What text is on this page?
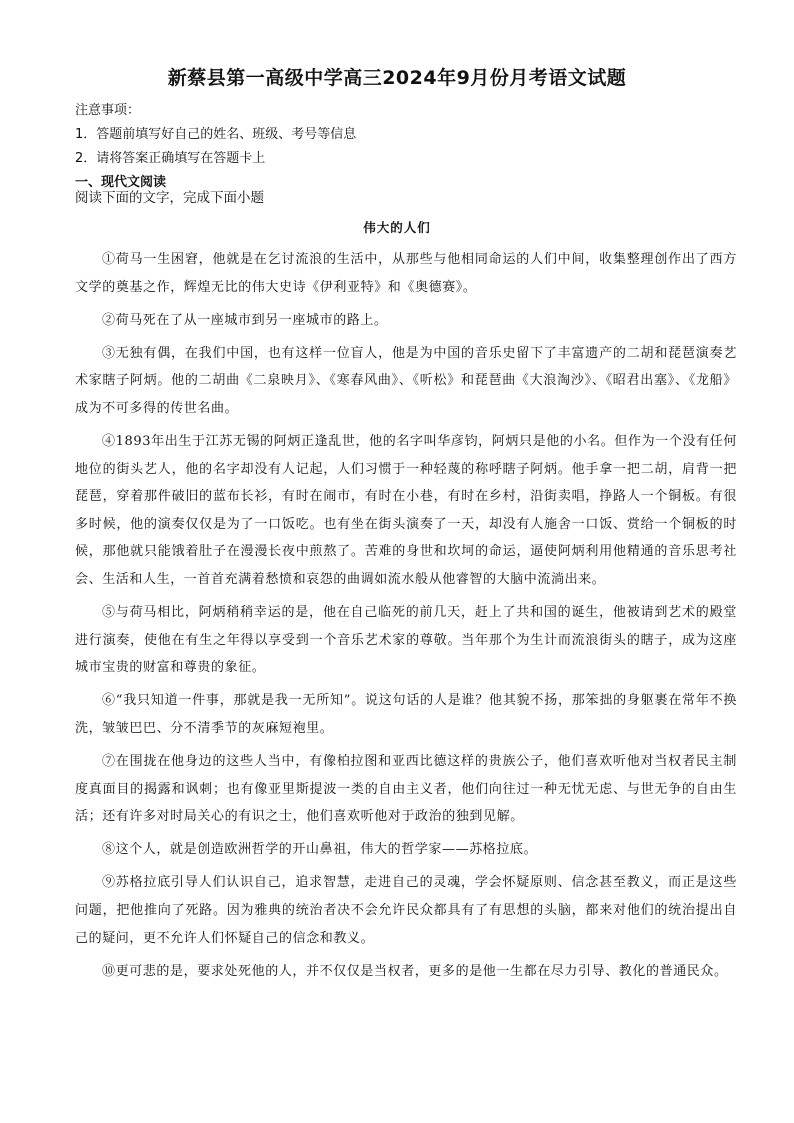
新蔡县第一高级中学高三2024年9月份月考语文试题
注意事项：
1．答题前填写好自己的姓名、班级、考号等信息
2．请将答案正确填写在答题卡上
一、现代文阅读
阅读下面的文字，完成下面小题
伟大的人们

①荷马一生困窘，他就是在乞讨流浪的生活中，从那些与他相同命运的人们中间，收集整理创作出了西方文学的奠基之作，辉煌无比的伟大史诗《伊利亚特》和《奥德赛》。

②荷马死在了从一座城市到另一座城市的路上。

③无独有偶，在我们中国，也有这样一位盲人，他是为中国的音乐史留下了丰富遗产的二胡和琵琶演奏艺术家瞎子阿炳。他的二胡曲《二泉映月》、《寒春风曲》、《听松》和琵琶曲《大浪淘沙》、《昭君出塞》、《龙船》成为不可多得的传世名曲。

④1893年出生于江苏无锡的阿炳正逢乱世，他的名字叫华彦钧，阿炳只是他的小名。但作为一个没有任何地位的街头艺人，他的名字却没有人记起，人们习惯于一种轻蔑的称呼瞎子阿炳。他手拿一把二胡，肩背一把琵琶，穿着那件破旧的蓝布长衫，有时在闹市，有时在小巷，有时在乡村，沿街卖唱，挣路人一个铜板。有很多时候，他的演奏仅仅是为了一口饭吃。也有坐在街头演奏了一天，却没有人施舍一口饭、赏给一个铜板的时候，那他就只能饿着肚子在漫漫长夜中煎熬了。苦难的身世和坎坷的命运，逼使阿炳利用他精通的音乐思考社会、生活和人生，一首首充满着愁愤和哀怨的曲调如流水般从他睿智的大脑中流淌出来。

⑤与荷马相比，阿炳稍稍幸运的是，他在自己临死的前几天，赶上了共和国的诞生，他被请到艺术的殿堂进行演奏，使他在有生之年得以享受到一个音乐艺术家的尊敬。当年那个为生计而流浪街头的瞎子，成为这座城市宝贵的财富和尊贵的象征。

⑥“我只知道一件事，那就是我一无所知”。说这句话的人是谁？他其貌不扬，那笨拙的身躯裹在常年不换洗，皱皱巴巴、分不清季节的灰麻短袍里。

⑦在围拢在他身边的这些人当中，有像柏拉图和亚西比德这样的贵族公子，他们喜欢听他对当权者民主制度真面目的揭露和讽刺；也有像亚里斯提波一类的自由主义者，他们向往过一种无忧无虑、与世无争的自由生活；还有许多对时局关心的有识之士，他们喜欢听他对于政治的独到见解。

⑧这个人，就是创造欧洲哲学的开山鼻祖，伟大的哲学家——苏格拉底。

⑨苏格拉底引导人们认识自己，追求智慧，走进自己的灵魂，学会怀疑原则、信念甚至教义，而正是这些问题，把他推向了死路。因为雅典的统治者决不会允许民众都具有了有思想的头脑，都来对他们的统治提出自己的疑问，更不允许人们怀疑自己的信念和教义。

⑩更可悲的是，要求处死他的人，并不仅仅是当权者，更多的是他一生都在尽力引导、教化的普通民众。
